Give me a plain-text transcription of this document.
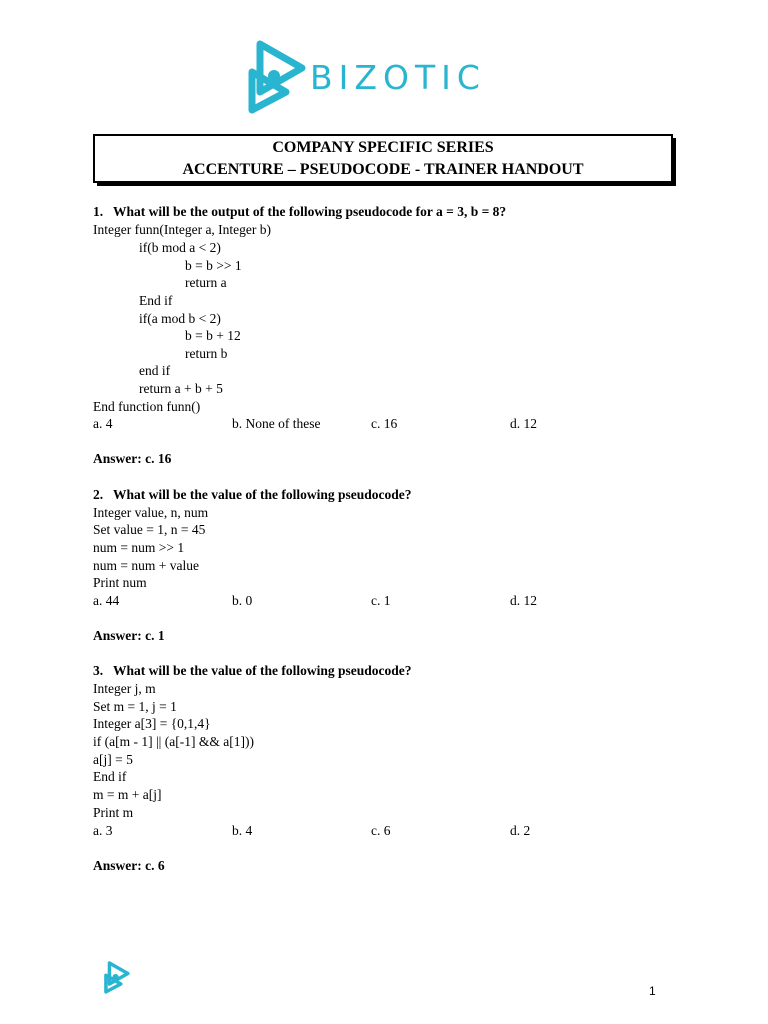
BIZOTIC
COMPANY SPECIFIC SERIES
ACCENTURE – PSEUDOCODE - TRAINER HANDOUT
1.   What will be the output of the following pseudocode for a = 3, b = 8?
Integer funn(Integer a, Integer b)
if(b mod a < 2)
b = b >> 1
return a
End if
if(a mod b < 2)
b = b + 12
return b
end if
return a + b + 5
End function funn()
a. 4	b. None of these	c. 16	d. 12
Answer: c. 16
2.   What will be the value of the following pseudocode?
Integer value, n, num
Set value = 1, n = 45
num = num >> 1
num = num + value
Print num
a. 44	b. 0	c. 1	d. 12
Answer: c. 1
3.   What will be the value of the following pseudocode?
Integer j, m
Set m = 1, j = 1
Integer a[3] = {0,1,4}
if (a[m - 1] || (a[-1] && a[1]))
a[j] = 5
End if
m = m + a[j]
Print m
a. 3	b. 4	c. 6	d. 2
Answer: c. 6
1
